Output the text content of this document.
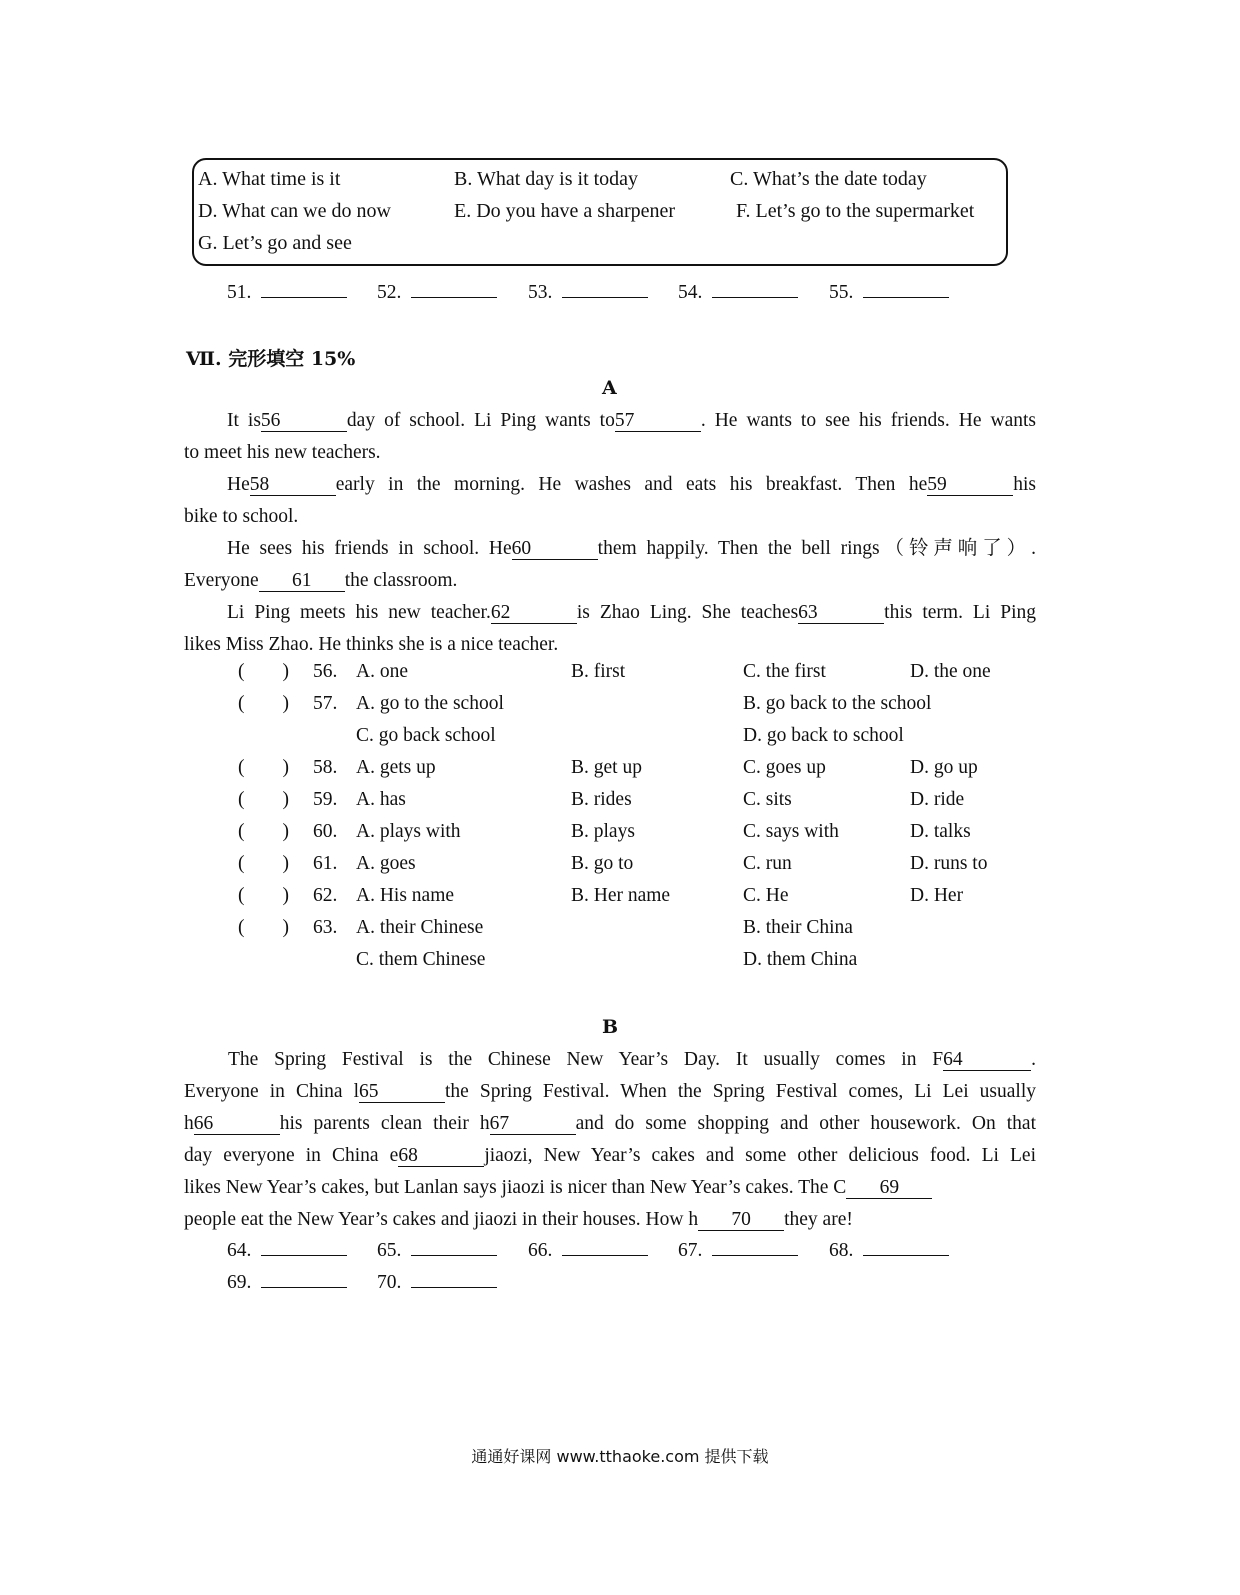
A. What time is it	B. What day is it today	C. What’s the date today
D. What can we do now	E. Do you have a sharpener	F. Let’s go to the supermarket
G. Let’s go and see
51.	52.	53.	54.	55.
Ⅶ. 完形填空 15%
A
It is56	day of school. Li Ping wants to57	. He wants to see his friends. He wants
to meet his new teachers.
He58	early in the morning. He washes and eats his breakfast. Then he59	his
bike to school.
He sees his friends in school. He60	them happily. Then the bell rings（铃声响了）.
Everyone 61 the classroom.
Li Ping meets his new teacher.62	is Zhao Ling. She teaches63	this term. Li Ping
likes Miss Zhao. He thinks she is a nice teacher.
( ) 56. A. one	B. first	C. the first	D. the one
( ) 57. A. go to the school	B. go back to the school
C. go back school	D. go back to school
( ) 58. A. gets up	B. get up	C. goes up	D. go up
( ) 59. A. has	B. rides	C. sits	D. ride
( ) 60. A. plays with	B. plays	C. says with	D. talks
( ) 61. A. goes	B. go to	C. run	D. runs to
( ) 62. A. His name	B. Her name	C. He	D. Her
( ) 63. A. their Chinese	B. their China
C. them Chinese	D. them China
B
The Spring Festival is the Chinese New Year’s Day. It usually comes in F64	.
Everyone in China l65	the Spring Festival. When the Spring Festival comes, Li Lei usually
h66	his parents clean their h67	and do some shopping and other housework. On that
day everyone in China e68	jiaozi, New Year’s cakes and some other delicious food. Li Lei
likes New Year’s cakes, but Lanlan says jiaozi is nicer than New Year’s cakes. The C 69
people eat the New Year’s cakes and jiaozi in their houses. How h 70 they are!
64.	65.	66.	67.	68.
69.	70.
通通好课网 www.tthaoke.com 提供下载
